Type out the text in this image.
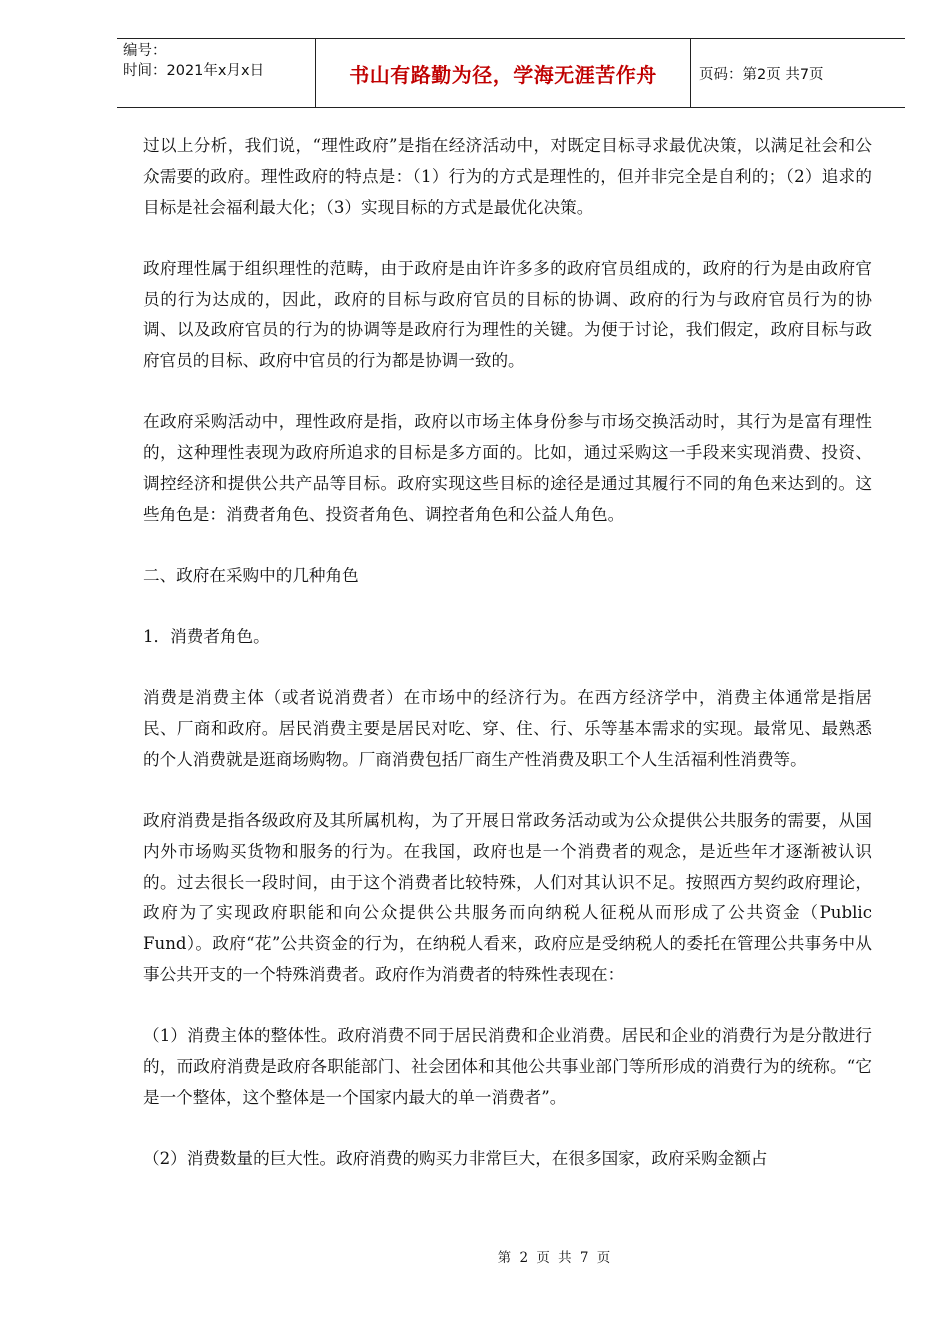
编号：
时间：2021年x月x日	书山有路勤为径，学海无涯苦作舟	页码：第2页 共7页

过以上分析，我们说，“理性政府”是指在经济活动中，对既定目标寻求最优决策，以满足社会和公众需要的政府。理性政府的特点是：（1）行为的方式是理性的，但并非完全是自利的；（2）追求的目标是社会福利最大化；（3）实现目标的方式是最优化决策。

政府理性属于组织理性的范畴，由于政府是由许许多多的政府官员组成的，政府的行为是由政府官员的行为达成的，因此，政府的目标与政府官员的目标的协调、政府的行为与政府官员行为的协调、以及政府官员的行为的协调等是政府行为理性的关键。为便于讨论，我们假定，政府目标与政府官员的目标、政府中官员的行为都是协调一致的。

在政府采购活动中，理性政府是指，政府以市场主体身份参与市场交换活动时，其行为是富有理性的，这种理性表现为政府所追求的目标是多方面的。比如，通过采购这一手段来实现消费、投资、调控经济和提供公共产品等目标。政府实现这些目标的途径是通过其履行不同的角色来达到的。这些角色是：消费者角色、投资者角色、调控者角色和公益人角色。

二、政府在采购中的几种角色

1．消费者角色。

消费是消费主体（或者说消费者）在市场中的经济行为。在西方经济学中，消费主体通常是指居民、厂商和政府。居民消费主要是居民对吃、穿、住、行、乐等基本需求的实现。最常见、最熟悉的个人消费就是逛商场购物。厂商消费包括厂商生产性消费及职工个人生活福利性消费等。

政府消费是指各级政府及其所属机构，为了开展日常政务活动或为公众提供公共服务的需要，从国内外市场购买货物和服务的行为。在我国，政府也是一个消费者的观念，是近些年才逐渐被认识的。过去很长一段时间，由于这个消费者比较特殊，人们对其认识不足。按照西方契约政府理论，政府为了实现政府职能和向公众提供公共服务而向纳税人征税从而形成了公共资金（Public Fund）。政府“花”公共资金的行为，在纳税人看来，政府应是受纳税人的委托在管理公共事务中从事公共开支的一个特殊消费者。政府作为消费者的特殊性表现在：

（1）消费主体的整体性。政府消费不同于居民消费和企业消费。居民和企业的消费行为是分散进行的，而政府消费是政府各职能部门、社会团体和其他公共事业部门等所形成的消费行为的统称。“它是一个整体，这个整体是一个国家内最大的单一消费者”。

（2）消费数量的巨大性。政府消费的购买力非常巨大，在很多国家，政府采购金额占

第 2 页 共 7 页
